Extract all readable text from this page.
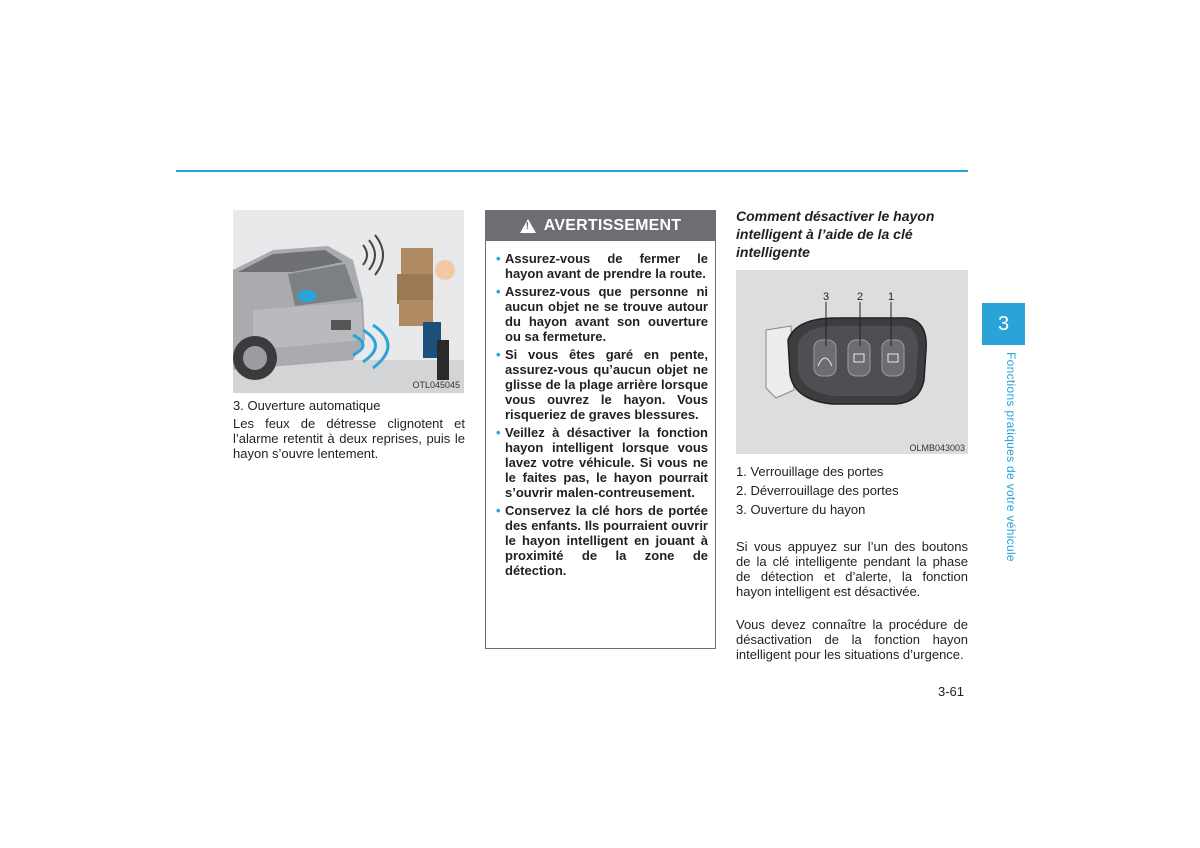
OTL045045
3. Ouverture automatique
Les feux de détresse clignotent et l’alarme retentit à deux reprises, puis le hayon s’ouvre lentement.
! AVERTISSEMENT
• Assurez-vous de fermer le hayon avant de prendre la route.
• Assurez-vous que personne ni aucun objet ne se trouve autour du hayon avant son ouverture ou sa fermeture.
• Si vous êtes garé en pente, assurez-vous qu’aucun objet ne glisse de la plage arrière lorsque vous ouvrez le hayon. Vous risqueriez de graves blessures.
• Veillez à désactiver la fonction hayon intelligent lorsque vous lavez votre véhicule. Si vous ne le faites pas, le hayon pourrait s’ouvrir malen-contreusement.
• Conservez la clé hors de portée des enfants. Ils pourraient ouvrir le hayon intelligent en jouant à proximité de la zone de détection.
Comment désactiver le hayon intelligent à l’aide de la clé intelligente
3	2 1
OLMB043003
1. Verrouillage des portes
2. Déverrouillage des portes
3. Ouverture du hayon
Si vous appuyez sur l’un des boutons de la clé intelligente pendant la phase de détection et d’alerte, la fonction hayon intelligent est désactivée.
Vous devez connaître la procédure de désactivation de la fonction hayon intelligent pour les situations d’urgence.
3-61
3
Fonctions pratiques de votre véhicule
